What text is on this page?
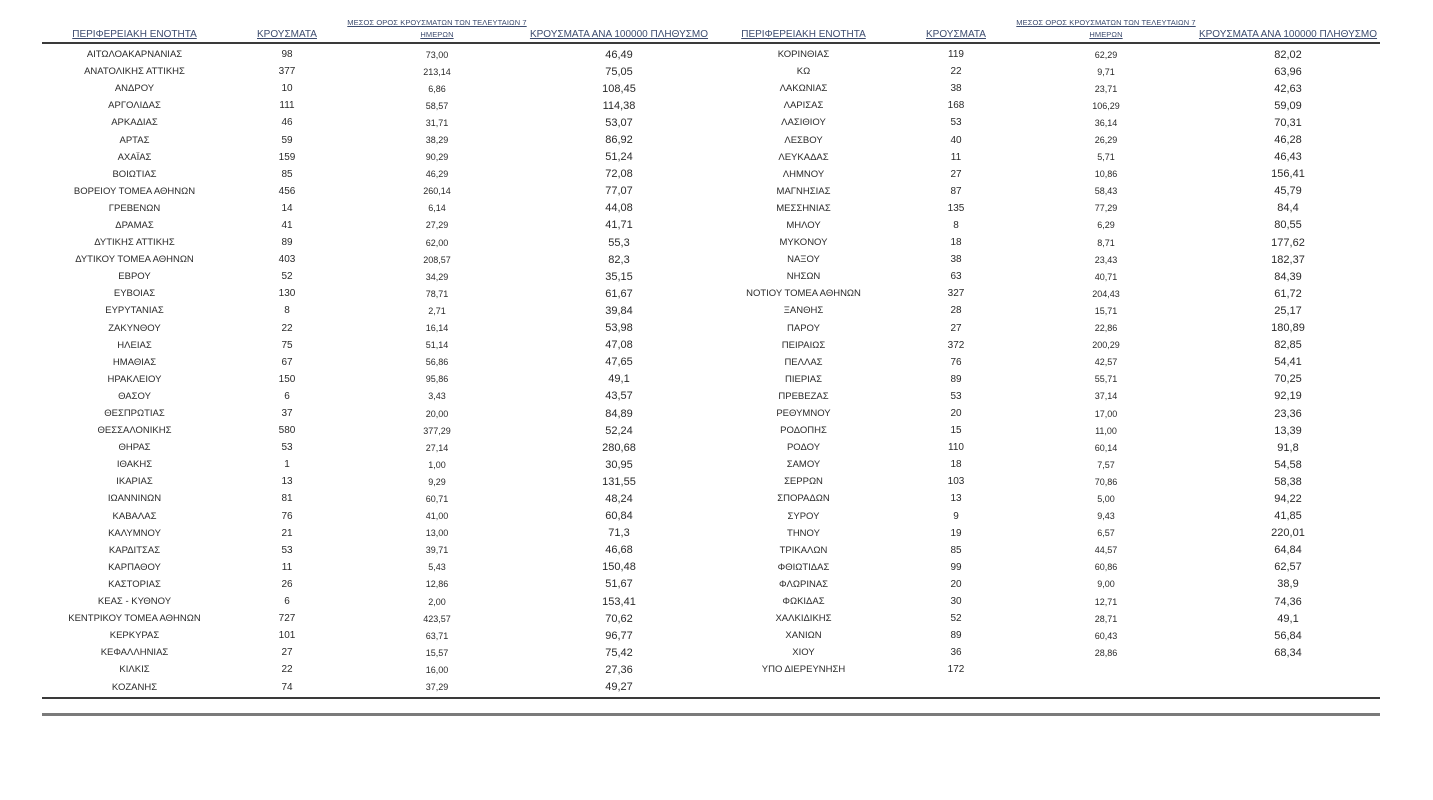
ΠΕΡΙΦΕΡΕΙΑΚΗ ΕΝΟΤΗΤΑ	ΚΡΟΥΣΜΑΤΑ
ΜΕΣΟΣ ΟΡΟΣ ΚΡΟΥΣΜΑΤΩΝ ΤΩΝ ΤΕΛΕΥΤΑΙΩΝ 7 ΗΜΕΡΩΝ	ΚΡΟΥΣΜΑΤΑ ΑΝΑ 100000 ΠΛΗΘΥΣΜΟ
ΑΙΤΩΛΟΑΚΑΡΝΑΝΙΑΣ	98	73,00	46,49
ΑΝΑΤΟΛΙΚΗΣ ΑΤΤΙΚΗΣ	377	213,14	75,05
ΑΝΔΡΟΥ	10	6,86	108,45
ΑΡΓΟΛΙΔΑΣ	111	58,57	114,38
ΑΡΚΑΔΙΑΣ	46	31,71	53,07
ΑΡΤΑΣ	59	38,29	86,92
ΑΧΑΪΑΣ	159	90,29	51,24
ΒΟΙΩΤΙΑΣ	85	46,29	72,08
ΒΟΡΕΙΟΥ ΤΟΜΕΑ ΑΘΗΝΩΝ	456	260,14	77,07
ΓΡΕΒΕΝΩΝ	14	6,14	44,08
ΔΡΑΜΑΣ	41	27,29	41,71
ΔΥΤΙΚΗΣ ΑΤΤΙΚΗΣ	89	62,00	55,3
ΔΥΤΙΚΟΥ ΤΟΜΕΑ ΑΘΗΝΩΝ	403	208,57	82,3
ΕΒΡΟΥ	52	34,29	35,15
ΕΥΒΟΙΑΣ	130	78,71	61,67
ΕΥΡΥΤΑΝΙΑΣ	8	2,71	39,84
ΖΑΚΥΝΘΟΥ	22	16,14	53,98
ΗΛΕΙΑΣ	75	51,14	47,08
ΗΜΑΘΙΑΣ	67	56,86	47,65
ΗΡΑΚΛΕΙΟΥ	150	95,86	49,1
ΘΑΣΟΥ	6	3,43	43,57
ΘΕΣΠΡΩΤΙΑΣ	37	20,00	84,89
ΘΕΣΣΑΛΟΝΙΚΗΣ	580	377,29	52,24
ΘΗΡΑΣ	53	27,14	280,68
ΙΘΑΚΗΣ	1	1,00	30,95
ΙΚΑΡΙΑΣ	13	9,29	131,55
ΙΩΑΝΝΙΝΩΝ	81	60,71	48,24
ΚΑΒΑΛΑΣ	76	41,00	60,84
ΚΑΛΥΜΝΟΥ	21	13,00	71,3
ΚΑΡΔΙΤΣΑΣ	53	39,71	46,68
ΚΑΡΠΑΘΟΥ	11	5,43	150,48
ΚΑΣΤΟΡΙΑΣ	26	12,86	51,67
ΚΕΑΣ - ΚΥΘΝΟΥ	6	2,00	153,41
ΚΕΝΤΡΙΚΟΥ ΤΟΜΕΑ ΑΘΗΝΩΝ	727	423,57	70,62
ΚΕΡΚΥΡΑΣ	101	63,71	96,77
ΚΕΦΑΛΛΗΝΙΑΣ	27	15,57	75,42
ΚΙΛΚΙΣ	22	16,00	27,36
ΚΟΖΑΝΗΣ	74	37,29	49,27
ΠΕΡΙΦΕΡΕΙΑΚΗ ΕΝΟΤΗΤΑ	ΚΡΟΥΣΜΑΤΑ
ΜΕΣΟΣ ΟΡΟΣ ΚΡΟΥΣΜΑΤΩΝ ΤΩΝ ΤΕΛΕΥΤΑΙΩΝ 7 ΗΜΕΡΩΝ	ΚΡΟΥΣΜΑΤΑ ΑΝΑ 100000 ΠΛΗΘΥΣΜΟ
ΚΟΡΙΝΘΙΑΣ	119	62,29	82,02
ΚΩ	22	9,71	63,96
ΛΑΚΩΝΙΑΣ	38	23,71	42,63
ΛΑΡΙΣΑΣ	168	106,29	59,09
ΛΑΣΙΘΙΟΥ	53	36,14	70,31
ΛΕΣΒΟΥ	40	26,29	46,28
ΛΕΥΚΑΔΑΣ	11	5,71	46,43
ΛΗΜΝΟΥ	27	10,86	156,41
ΜΑΓΝΗΣΙΑΣ	87	58,43	45,79
ΜΕΣΣΗΝΙΑΣ	135	77,29	84,4
ΜΗΛΟΥ	8	6,29	80,55
ΜΥΚΟΝΟΥ	18	8,71	177,62
ΝΑΞΟΥ	38	23,43	182,37
ΝΗΣΩΝ	63	40,71	84,39
ΝΟΤΙΟΥ ΤΟΜΕΑ ΑΘΗΝΩΝ	327	204,43	61,72
ΞΑΝΘΗΣ	28	15,71	25,17
ΠΑΡΟΥ	27	22,86	180,89
ΠΕΙΡΑΙΩΣ	372	200,29	82,85
ΠΕΛΛΑΣ	76	42,57	54,41
ΠΙΕΡΙΑΣ	89	55,71	70,25
ΠΡΕΒΕΖΑΣ	53	37,14	92,19
ΡΕΘΥΜΝΟΥ	20	17,00	23,36
ΡΟΔΟΠΗΣ	15	11,00	13,39
ΡΟΔΟΥ	110	60,14	91,8
ΣΑΜΟΥ	18	7,57	54,58
ΣΕΡΡΩΝ	103	70,86	58,38
ΣΠΟΡΑΔΩΝ	13	5,00	94,22
ΣΥΡΟΥ	9	9,43	41,85
ΤΗΝΟΥ	19	6,57	220,01
ΤΡΙΚΑΛΩΝ	85	44,57	64,84
ΦΘΙΩΤΙΔΑΣ	99	60,86	62,57
ΦΛΩΡΙΝΑΣ	20	9,00	38,9
ΦΩΚΙΔΑΣ	30	12,71	74,36
ΧΑΛΚΙΔΙΚΗΣ	52	28,71	49,1
ΧΑΝΙΩΝ	89	60,43	56,84
ΧΙΟΥ	36	28,86	68,34
ΥΠΟ ΔΙΕΡΕΥΝΗΣΗ	172
